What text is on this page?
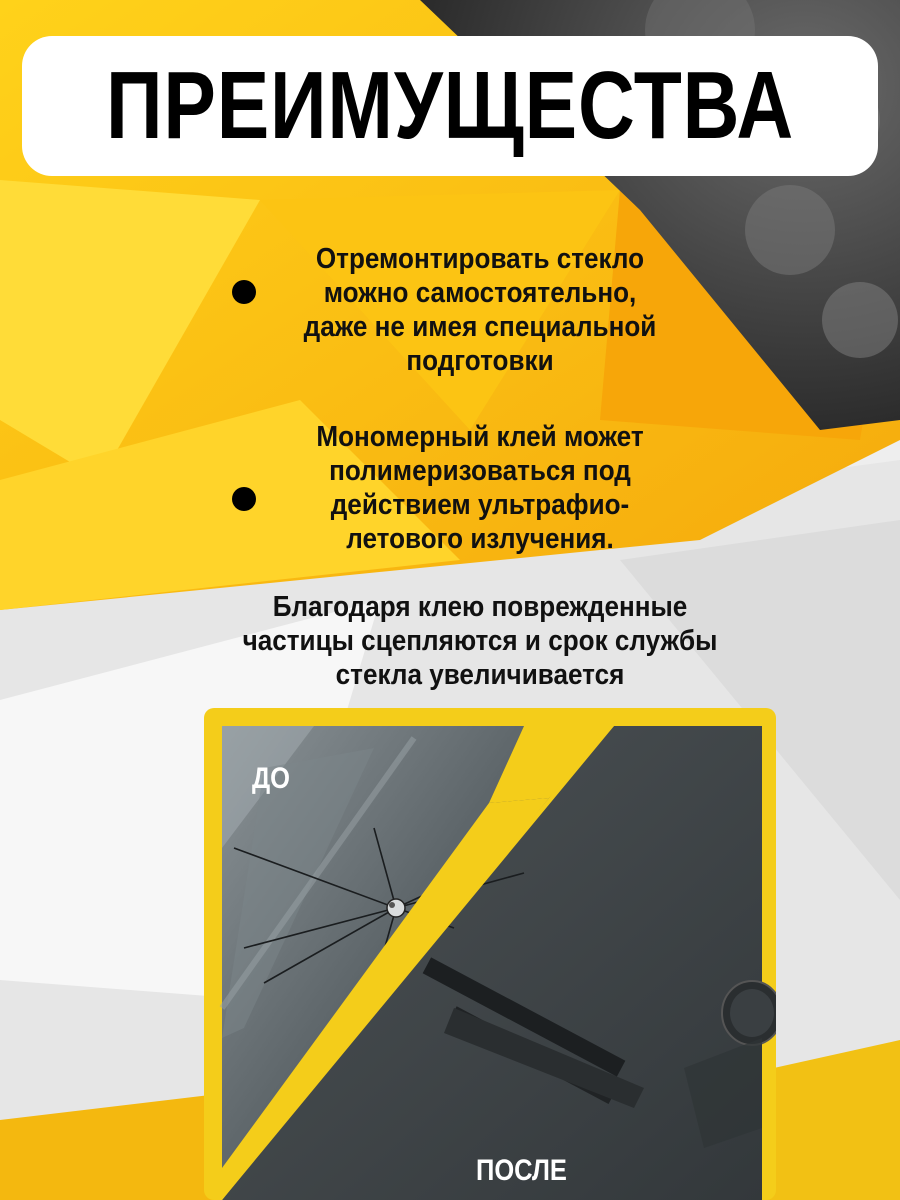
ПРЕИМУЩЕСТВА
Отремонтировать стекло
можно самостоятельно,
даже не имея специальной
подготовки
Мономерный клей может
полимеризоваться под
действием ультрафио-
летового излучения.
Благодаря клею поврежденные
частицы сцепляются и срок службы
стекла увеличивается
ДО
ПОСЛЕ
